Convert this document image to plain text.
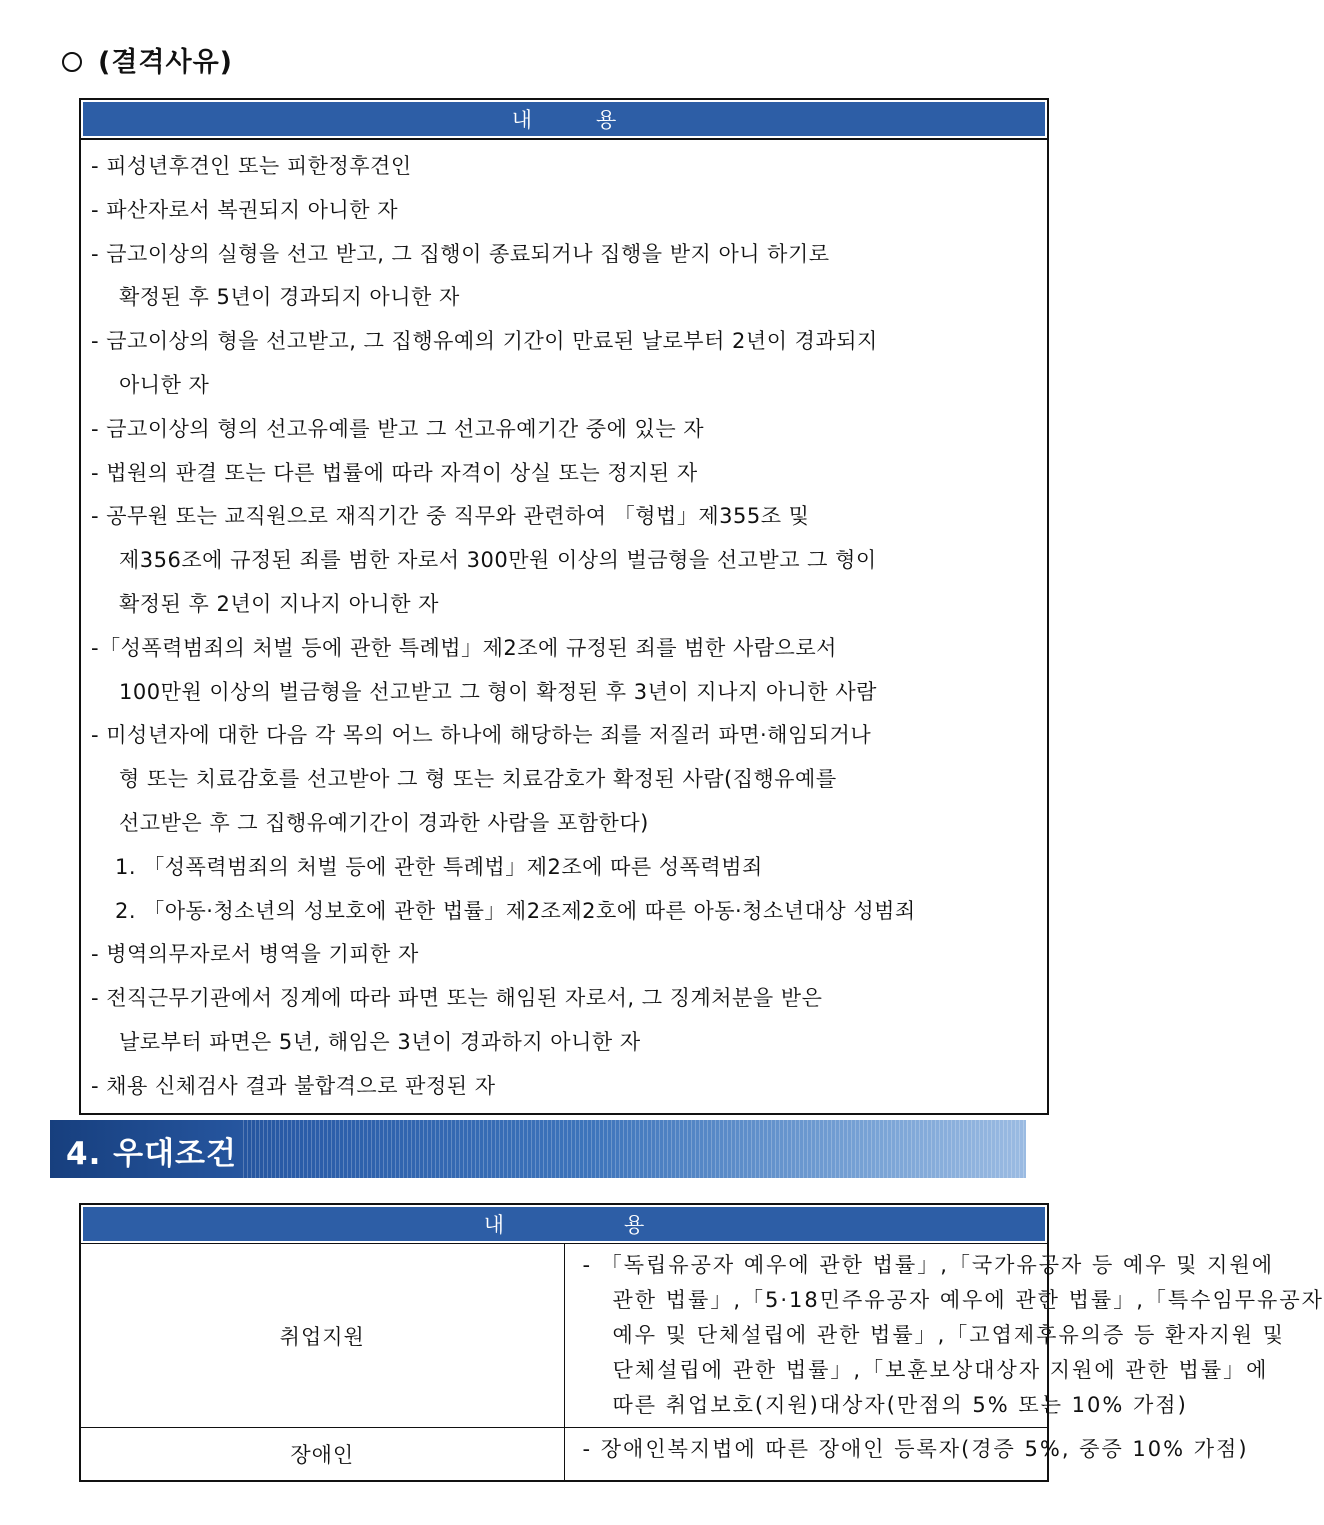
(결격사유)
내	용

- 피성년후견인 또는 피한정후견인
- 파산자로서 복권되지 아니한 자
- 금고이상의 실형을 선고 받고, 그 집행이 종료되거나 집행을 받지 아니 하기로
확정된 후 5년이 경과되지 아니한 자
- 금고이상의 형을 선고받고, 그 집행유예의 기간이 만료된 날로부터 2년이 경과되지
아니한 자
- 금고이상의 형의 선고유예를 받고 그 선고유예기간 중에 있는 자
- 법원의 판결 또는 다른 법률에 따라 자격이 상실 또는 정지된 자
- 공무원 또는 교직원으로 재직기간 중 직무와 관련하여 「형법」제355조 및
제356조에 규정된 죄를 범한 자로서 300만원 이상의 벌금형을 선고받고 그 형이
확정된 후 2년이 지나지 아니한 자
-「성폭력범죄의 처벌 등에 관한 특례법」제2조에 규정된 죄를 범한 사람으로서
100만원 이상의 벌금형을 선고받고 그 형이 확정된 후 3년이 지나지 아니한 사람
- 미성년자에 대한 다음 각 목의 어느 하나에 해당하는 죄를 저질러 파면·해임되거나
형 또는 치료감호를 선고받아 그 형 또는 치료감호가 확정된 사람(집행유예를
선고받은 후 그 집행유예기간이 경과한 사람을 포함한다)
1. 「성폭력범죄의 처벌 등에 관한 특례법」제2조에 따른 성폭력범죄
2. 「아동·청소년의 성보호에 관한 법률」제2조제2호에 따른 아동·청소년대상 성범죄
- 병역의무자로서 병역을 기피한 자
- 전직근무기관에서 징계에 따라 파면 또는 해임된 자로서, 그 징계처분을 받은
날로부터 파면은 5년, 해임은 3년이 경과하지 아니한 자
- 채용 신체검사 결과 불합격으로 판정된 자
4. 우대조건
내 용	
취업지원	- 「독립유공자 예우에 관한 법률」,「국가유공자 등 예우 및 지원에
관한 법률」,「5·18민주유공자 예우에 관한 법률」,「특수임무유공자
예우 및 단체설립에 관한 법률」,「고엽제후유의증 등 환자지원 및
단체설립에 관한 법률」,「보훈보상대상자 지원에 관한 법률」에
따른 취업보호(지원)대상자(만점의 5% 또는 10% 가점)

장애인	- 장애인복지법에 따른 장애인 등록자(경증 5%, 중증 10% 가점)
